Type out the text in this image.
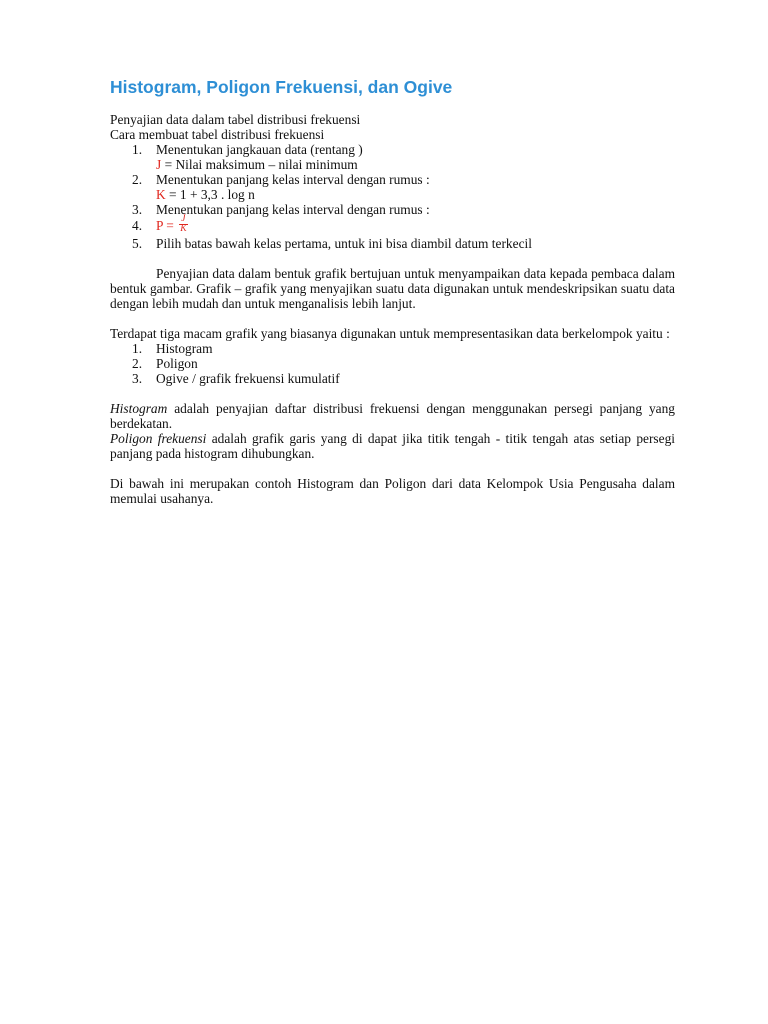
Histogram, Poligon Frekuensi, dan Ogive

Penyajian data dalam tabel distribusi frekuensi

Cara membuat tabel distribusi frekuensi

1. Menentukan jangkauan data (rentang )
J = Nilai maksimum – nilai minimum
2. Menentukan panjang kelas interval dengan rumus :
K = 1 + 3,3 . log n
3. Menentukan panjang kelas interval dengan rumus :
4. $P = \frac{J}{K}$
5. Pilih batas bawah kelas pertama, untuk ini bisa diambil datum terkecil

Penyajian data dalam bentuk grafik bertujuan untuk menyampaikan data kepada pembaca dalam bentuk gambar. Grafik – grafik yang menyajikan suatu data digunakan untuk mendeskripsikan suatu data dengan lebih mudah dan untuk menganalisis lebih lanjut.

Terdapat tiga macam grafik yang biasanya digunakan untuk mempresentasikan data berkelompok yaitu :

1. Histogram
2. Poligon
3. Ogive / grafik frekuensi kumulatif

Histogram adalah penyajian daftar distribusi frekuensi dengan menggunakan persegi panjang yang berdekatan.

Poligon frekuensi adalah grafik garis yang di dapat jika titik tengah - titik tengah atas setiap persegi panjang pada histogram dihubungkan.

Di bawah ini merupakan contoh Histogram dan Poligon dari data Kelompok Usia Pengusaha dalam memulai usahanya.
